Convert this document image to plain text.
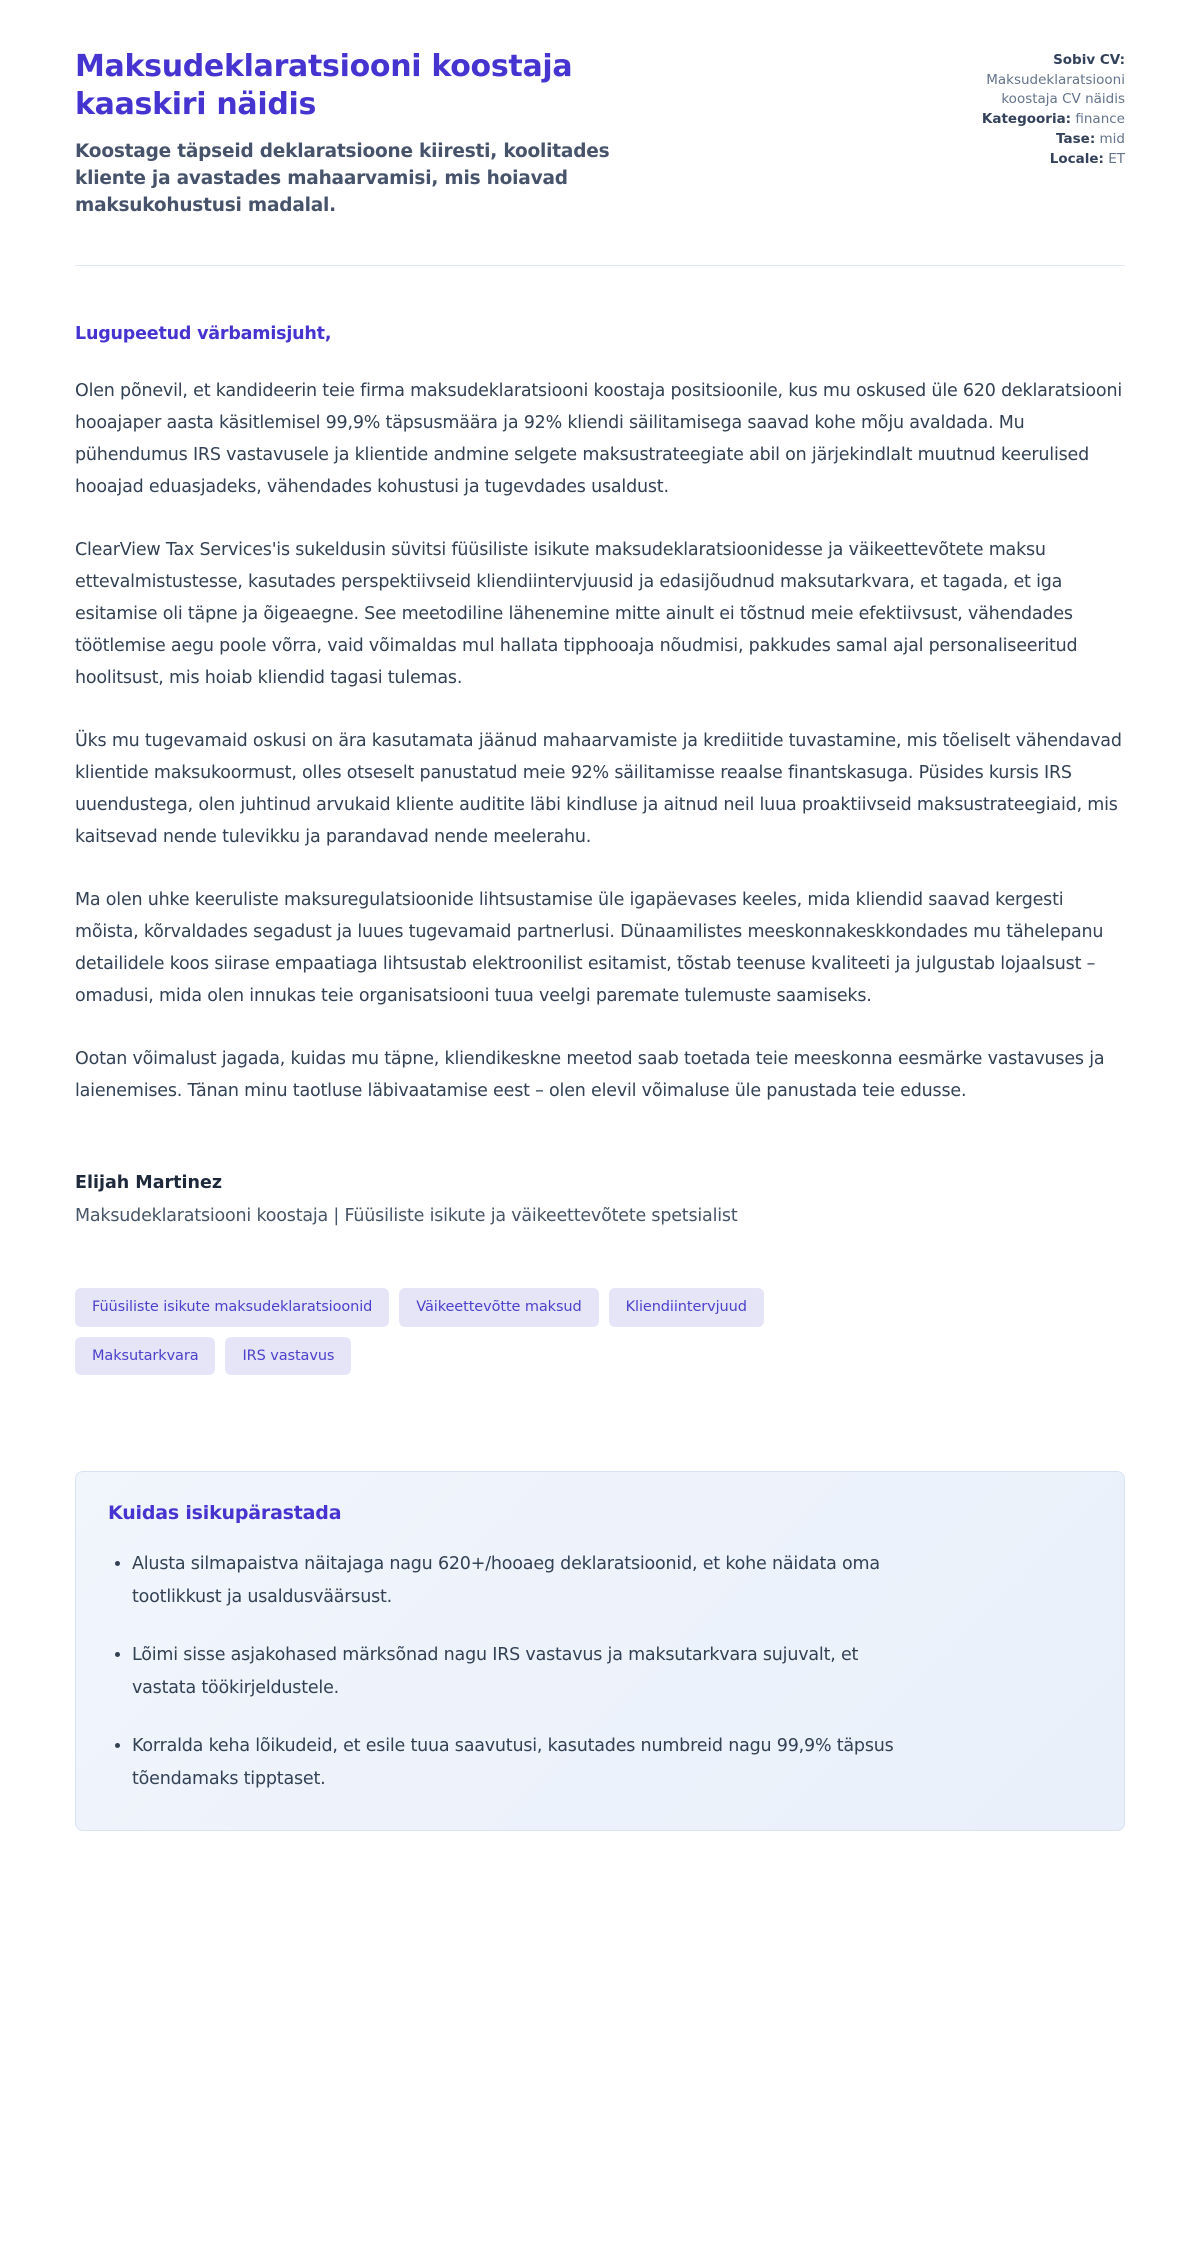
Maksudeklaratsiooni koostaja kaaskiri näidis
Koostage täpseid deklaratsioone kiiresti, koolitades kliente ja avastades mahaarvamisi, mis hoiavad maksukohustusi madalal.
Sobiv CV:
Maksudeklaratsiooni koostaja CV näidis
Kategooria: finance
Tase: mid
Locale: ET
Lugupeetud värbamisjuht,

Olen põnevil, et kandideerin teie firma maksudeklaratsiooni koostaja positsioonile, kus mu oskused üle 620 deklaratsiooni hooajaper aasta käsitlemisel 99,9% täpsusmäära ja 92% kliendi säilitamisega saavad kohe mõju avaldada. Mu pühendumus IRS vastavusele ja klientide andmine selgete maksustrateegiate abil on järjekindlalt muutnud keerulised hooajad eduasjadeks, vähendades kohustusi ja tugevdades usaldust.

ClearView Tax Services'is sukeldusin süvitsi füüsiliste isikute maksudeklaratsioonidesse ja väikeettevõtete maksu ettevalmistustesse, kasutades perspektiivseid kliendiintervjuusid ja edasijõudnud maksutarkvara, et tagada, et iga esitamise oli täpne ja õigeaegne. See meetodiline lähenemine mitte ainult ei tõstnud meie efektiivsust, vähendades töötlemise aegu poole võrra, vaid võimaldas mul hallata tipphooaja nõudmisi, pakkudes samal ajal personaliseeritud hoolitsust, mis hoiab kliendid tagasi tulemas.

Üks mu tugevamaid oskusi on ära kasutamata jäänud mahaarvamiste ja krediitide tuvastamine, mis tõeliselt vähendavad klientide maksukoormust, olles otseselt panustatud meie 92% säilitamisse reaalse finantskasuga. Püsides kursis IRS uuendustega, olen juhtinud arvukaid kliente auditite läbi kindluse ja aitnud neil luua proaktiivseid maksustrateegiaid, mis kaitsevad nende tulevikku ja parandavad nende meelerahu.

Ma olen uhke keeruliste maksuregulatsioonide lihtsustamise üle igapäevases keeles, mida kliendid saavad kergesti mõista, kõrvaldades segadust ja luues tugevamaid partnerlusi. Dünaamilistes meeskonnakeskkondades mu tähelepanu detailidele koos siirase empaatiaga lihtsustab elektroonilist esitamist, tõstab teenuse kvaliteeti ja julgustab lojaalsust – omadusi, mida olen innukas teie organisatsiooni tuua veelgi paremate tulemuste saamiseks.

Ootan võimalust jagada, kuidas mu täpne, kliendikeskne meetod saab toetada teie meeskonna eesmärke vastavuses ja laienemises. Tänan minu taotluse läbivaatamise eest – olen elevil võimaluse üle panustada teie edusse.

Elijah Martinez
Maksudeklaratsiooni koostaja | Füüsiliste isikute ja väikeettevõtete spetsialist
Füüsiliste isikute maksudeklaratsioonid	Väikeettevõtte maksud	Kliendiintervjuud
Maksutarkvara	IRS vastavus
Kuidas isikupärastada
• Alusta silmapaistva näitajaga nagu 620+/hooaeg deklaratsioonid, et kohe näidata oma tootlikkust ja usaldusväärsust.
• Lõimi sisse asjakohased märksõnad nagu IRS vastavus ja maksutarkvara sujuvalt, et vastata töökirjeldustele.
• Korralda keha lõikudeid, et esile tuua saavutusi, kasutades numbreid nagu 99,9% täpsus tõendamaks tipptaset.
